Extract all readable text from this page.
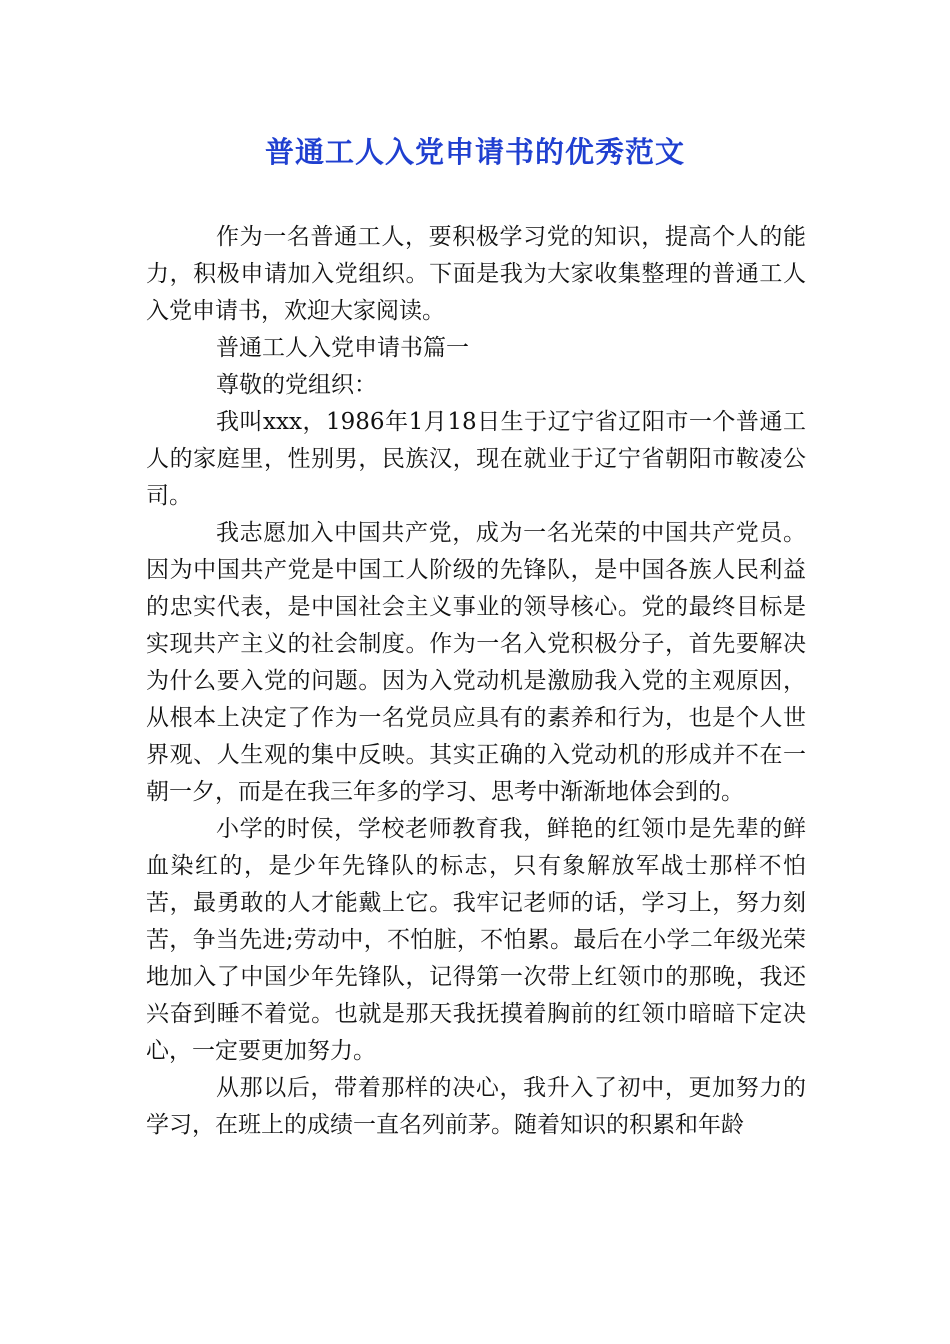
普通工人入党申请书的优秀范文

作为一名普通工人，要积极学习党的知识，提高个人的能力，积极申请加入党组织。下面是我为大家收集整理的普通工人入党申请书，欢迎大家阅读。

普通工人入党申请书篇一

尊敬的党组织：

我叫xxx，1986年1月18日生于辽宁省辽阳市一个普通工人的家庭里，性别男，民族汉，现在就业于辽宁省朝阳市鞍凌公司。

我志愿加入中国共产党，成为一名光荣的中国共产党员。因为中国共产党是中国工人阶级的先锋队，是中国各族人民利益的忠实代表，是中国社会主义事业的领导核心。党的最终目标是实现共产主义的社会制度。作为一名入党积极分子，首先要解决为什么要入党的问题。因为入党动机是激励我入党的主观原因，从根本上决定了作为一名党员应具有的素养和行为，也是个人世界观、人生观的集中反映。其实正确的入党动机的形成并不在一朝一夕，而是在我三年多的学习、思考中渐渐地体会到的。

小学的时侯，学校老师教育我，鲜艳的红领巾是先辈的鲜血染红的，是少年先锋队的标志，只有象解放军战士那样不怕苦，最勇敢的人才能戴上它。我牢记老师的话，学习上，努力刻苦，争当先进;劳动中，不怕脏，不怕累。最后在小学二年级光荣地加入了中国少年先锋队，记得第一次带上红领巾的那晚，我还兴奋到睡不着觉。也就是那天我抚摸着胸前的红领巾暗暗下定决心，一定要更加努力。

从那以后，带着那样的决心，我升入了初中，更加努力的学习，在班上的成绩一直名列前茅。随着知识的积累和年龄
